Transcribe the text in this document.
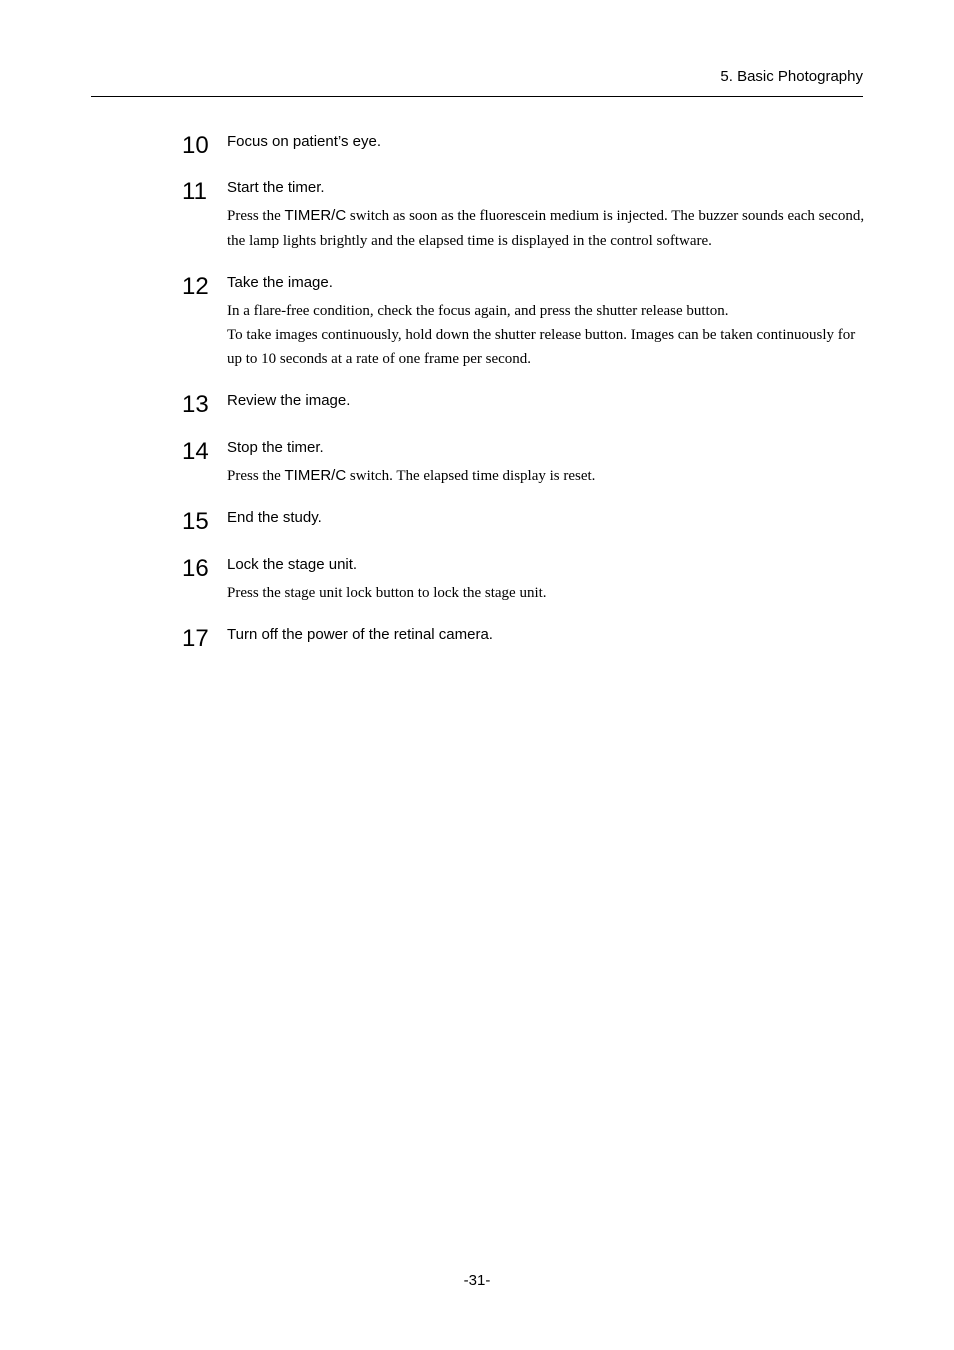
5. Basic Photography
10 Focus on patient’s eye.
11 Start the timer.

Press the TIMER/C switch as soon as the fluorescein medium is injected. The buzzer sounds each second, the lamp lights brightly and the elapsed time is displayed in the control software.

12 Take the image.

In a flare-free condition, check the focus again, and press the shutter release button.

To take images continuously, hold down the shutter release button. Images can be taken continuously for up to 10 seconds at a rate of one frame per second.

13 Review the image.
14 Stop the timer.

Press the TIMER/C switch. The elapsed time display is reset.

15 End the study.
16 Lock the stage unit.

Press the stage unit lock button to lock the stage unit.

17 Turn off the power of the retinal camera.
-31-
